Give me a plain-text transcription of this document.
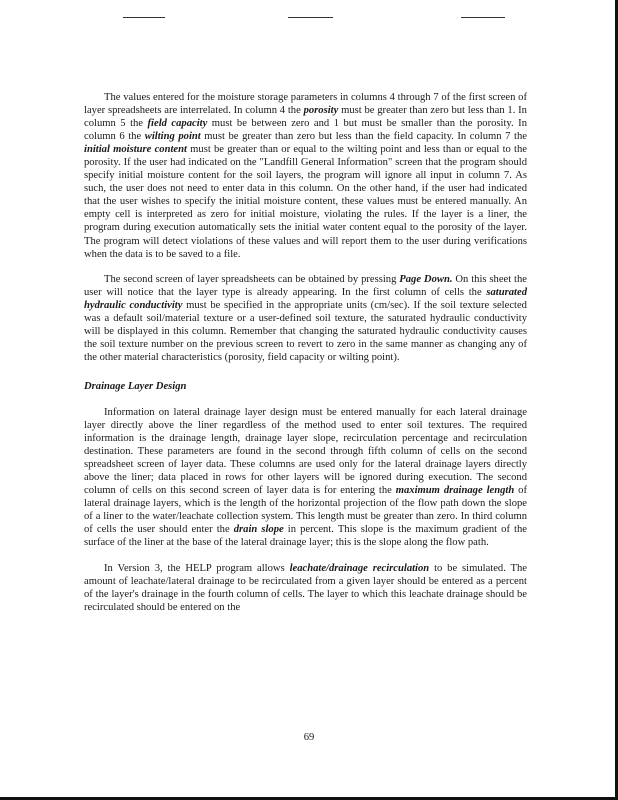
The values entered for the moisture storage parameters in columns 4 through 7 of the first screen of layer spreadsheets are interrelated. In column 4 the porosity must be greater than zero but less than 1. In column 5 the field capacity must be between zero and 1 but must be smaller than the porosity. In column 6 the wilting point must be greater than zero but less than the field capacity. In column 7 the initial moisture content must be greater than or equal to the wilting point and less than or equal to the porosity. If the user had indicated on the "Landfill General Information" screen that the program should specify initial moisture content for the soil layers, the program will ignore all input in column 7. As such, the user does not need to enter data in this column. On the other hand, if the user had indicated that the user wishes to specify the initial moisture content, these values must be entered manually. An empty cell is interpreted as zero for initial moisture, violating the rules. If the layer is a liner, the program during execution automatically sets the initial water content equal to the porosity of the layer. The program will detect violations of these values and will report them to the user during verifications when the data is to be saved to a file.

The second screen of layer spreadsheets can be obtained by pressing Page Down. On this sheet the user will notice that the layer type is already appearing. In the first column of cells the saturated hydraulic conductivity must be specified in the appropriate units (cm/sec). If the soil texture selected was a default soil/material texture or a user-defined soil texture, the saturated hydraulic conductivity will be displayed in this column. Remember that changing the saturated hydraulic conductivity causes the soil texture number on the previous screen to revert to zero in the same manner as changing any of the other material characteristics (porosity, field capacity or wilting point).

Drainage Layer Design

Information on lateral drainage layer design must be entered manually for each lateral drainage layer directly above the liner regardless of the method used to enter soil textures. The required information is the drainage length, drainage layer slope, recirculation percentage and recirculation destination. These parameters are found in the second through fifth column of cells on the second spreadsheet screen of layer data. These columns are used only for the lateral drainage layers directly above the liner; data placed in rows for other layers will be ignored during execution. The second column of cells on this second screen of layer data is for entering the maximum drainage length of lateral drainage layers, which is the length of the horizontal projection of the flow path down the slope of a liner to the water/leachate collection system. This length must be greater than zero. In third column of cells the user should enter the drain slope in percent. This slope is the maximum gradient of the surface of the liner at the base of the lateral drainage layer; this is the slope along the flow path.

In Version 3, the HELP program allows leachate/drainage recirculation to be simulated. The amount of leachate/lateral drainage to be recirculated from a given layer should be entered as a percent of the layer's drainage in the fourth column of cells. The layer to which this leachate drainage should be recirculated should be entered on the

69
